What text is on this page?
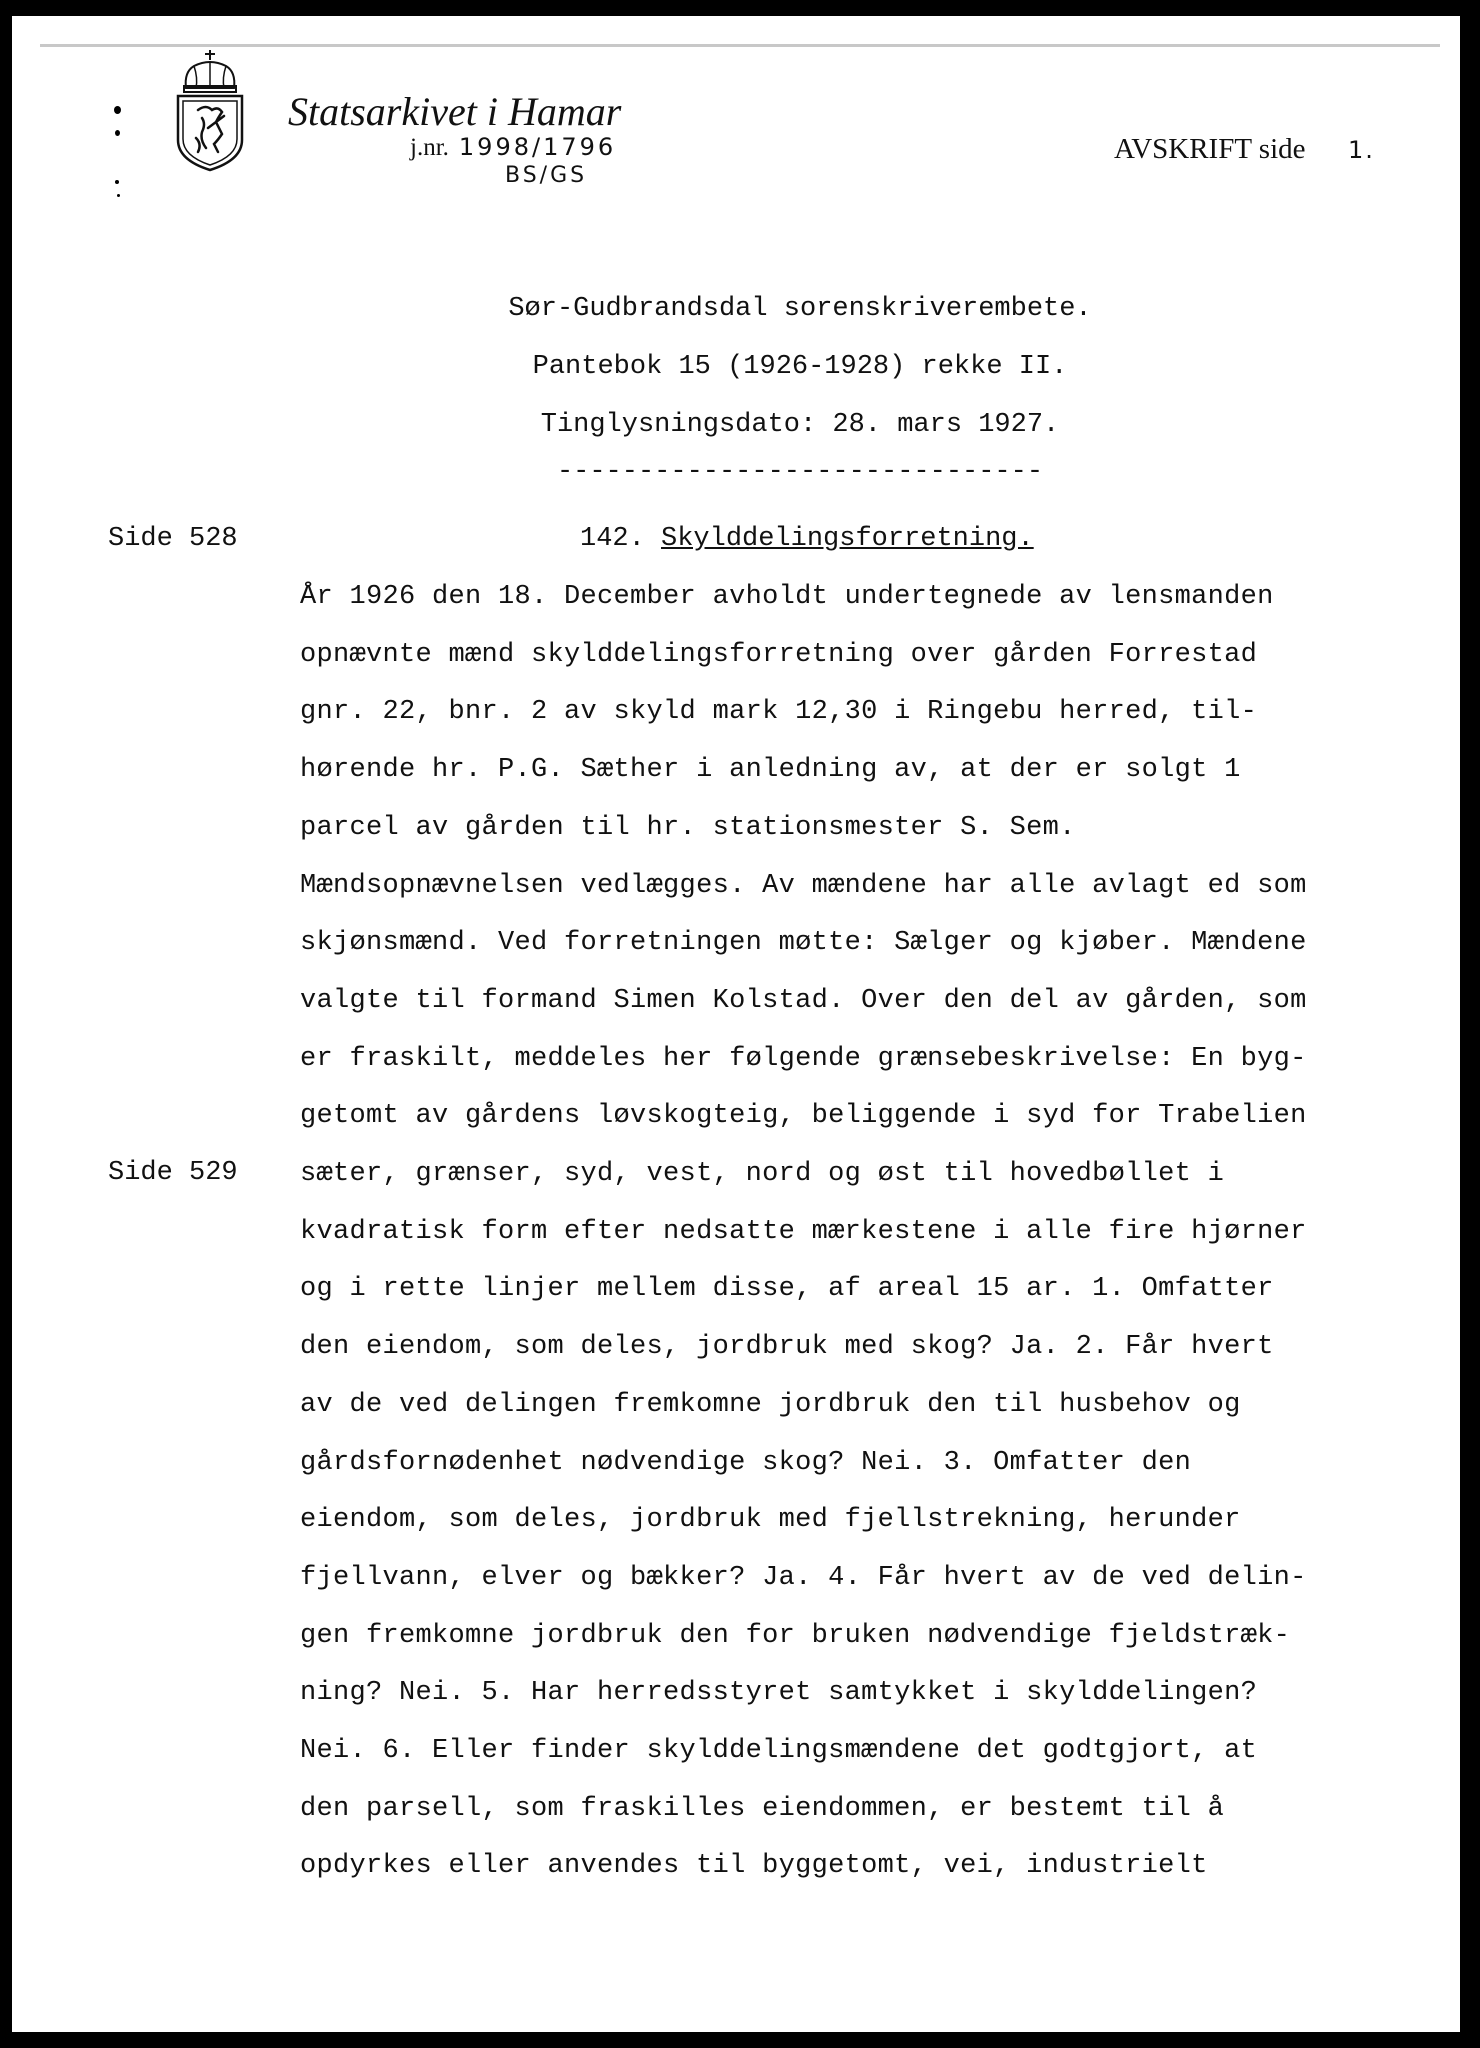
Statsarkivet i Hamar
j.nr. 1998/1796
BS/GS
AVSKRIFT side 1.
Sør-Gudbrandsdal sorenskriverembete.
Pantebok 15 (1926-1928) rekke II.
Tinglysningsdato: 28. mars 1927.
------------------------------
Side 528
Side 529
142. Skylddelingsforretning.
År 1926 den 18. December avholdt undertegnede av lensmanden
opnævnte mænd skylddelingsforretning over gården Forrestad
gnr. 22, bnr. 2 av skyld mark 12,30 i Ringebu herred, til-
hørende hr. P.G. Sæther i anledning av, at der er solgt 1
parcel av gården til hr. stationsmester S. Sem.
Mændsopnævnelsen vedlægges. Av mændene har alle avlagt ed som
skjønsmænd. Ved forretningen møtte: Sælger og kjøber. Mændene
valgte til formand Simen Kolstad. Over den del av gården, som
er fraskilt, meddeles her følgende grænsebeskrivelse: En byg-
getomt av gårdens løvskogteig, beliggende i syd for Trabelien
sæter, grænser, syd, vest, nord og øst til hovedbøllet i
kvadratisk form efter nedsatte mærkestene i alle fire hjørner
og i rette linjer mellem disse, af areal 15 ar. 1. Omfatter
den eiendom, som deles, jordbruk med skog? Ja. 2. Får hvert
av de ved delingen fremkomne jordbruk den til husbehov og
gårdsfornødenhet nødvendige skog? Nei. 3. Omfatter den
eiendom, som deles, jordbruk med fjellstrekning, herunder
fjellvann, elver og bækker? Ja. 4. Får hvert av de ved delin-
gen fremkomne jordbruk den for bruken nødvendige fjeldstræk-
ning? Nei. 5. Har herredsstyret samtykket i skylddelingen?
Nei. 6. Eller finder skylddelingsmændene det godtgjort, at
den parsell, som fraskilles eiendommen, er bestemt til å
opdyrkes eller anvendes til byggetomt, vei, industrielt
